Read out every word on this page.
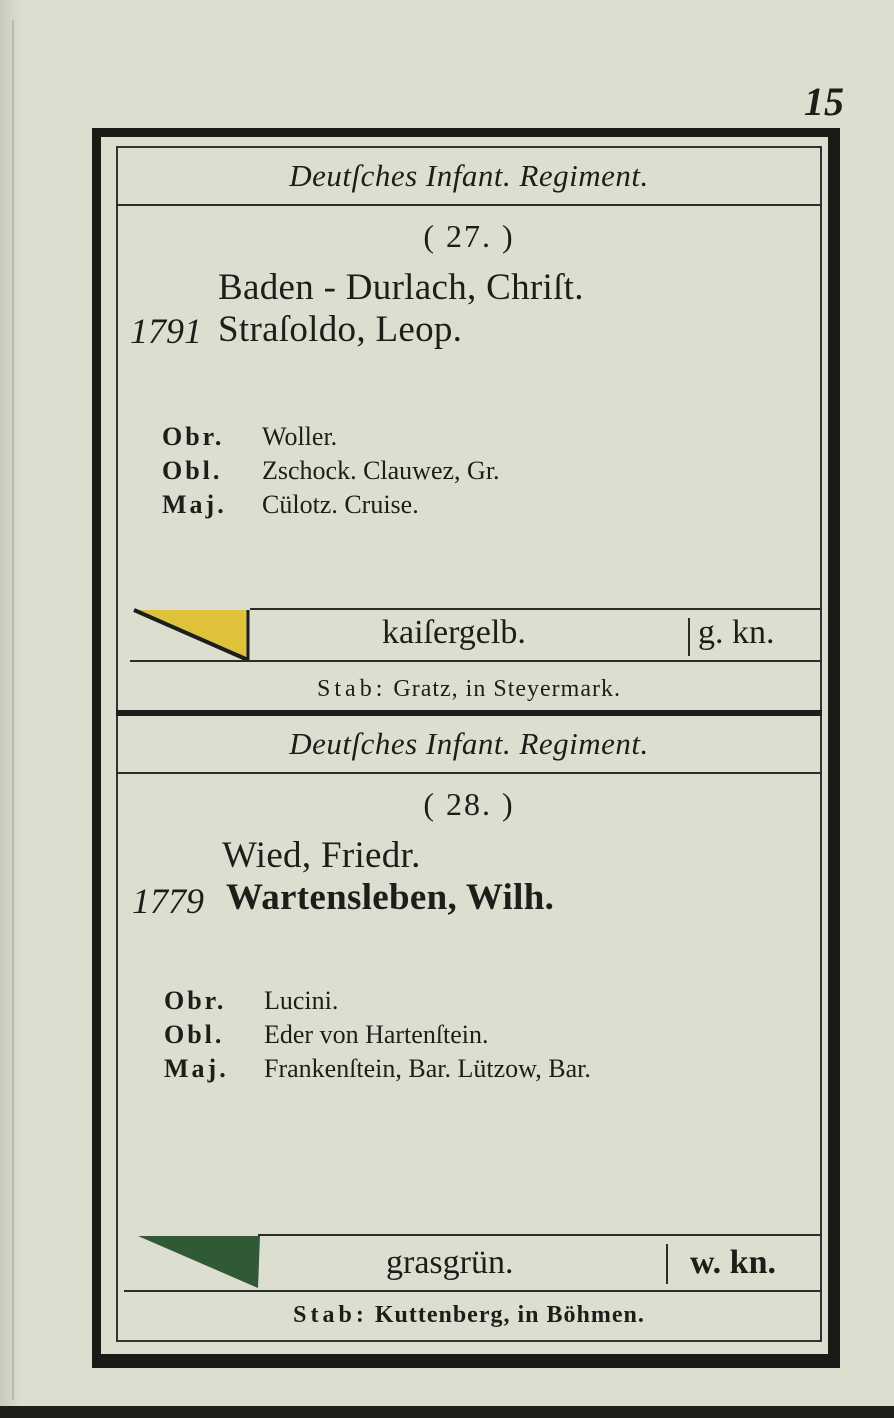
15
Deutſches Infant. Regiment.
( 27. )
Baden - Durlach, Chriſt.
1791 Straſoldo, Leop.
Obr. Woller.
Obl. Zschock. Clauwez, Gr.
Maj. Cülotz. Cruise.
kaiſergelb.	g. kn.
Stab: Gratz, in Steyermark.
Deutſches Infant. Regiment.
( 28. )
Wied, Friedr.
1779 Wartensleben, Wilh.
Obr. Lucini.
Obl. Eder von Hartenſtein.
Maj. Frankenſtein, Bar. Lützow, Bar.
grasgrün.	w. kn.
Stab: Kuttenberg, in Böhmen.
